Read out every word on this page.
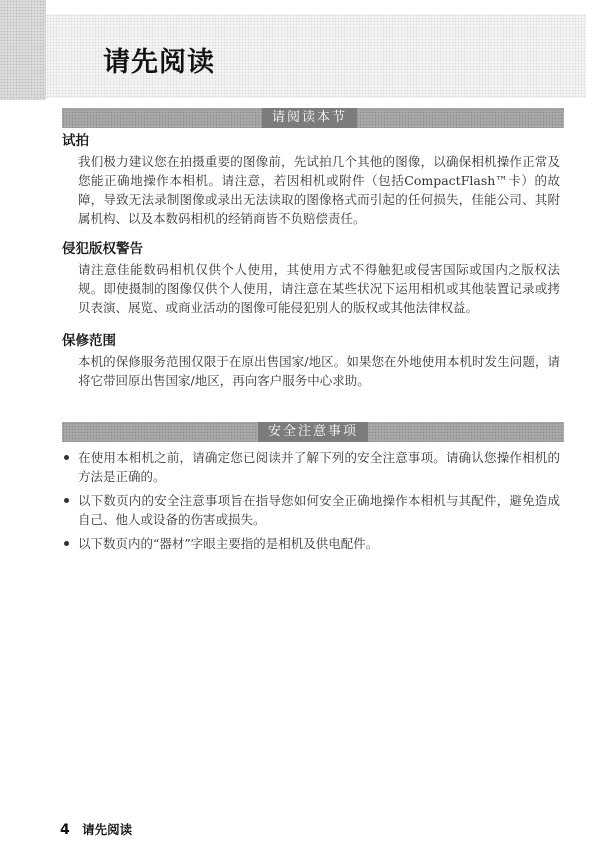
请先阅读
请阅读本节
试拍

我们极力建议您在拍摄重要的图像前，先试拍几个其他的图像，以确保相机操作正常及您能正确地操作本相机。请注意，若因相机或附件（包括CompactFlash™卡）的故障，导致无法录制图像或录出无法读取的图像格式而引起的任何损失，佳能公司、其附属机构、以及本数码相机的经销商皆不负赔偿责任。

侵犯版权警告

请注意佳能数码相机仅供个人使用，其使用方式不得触犯或侵害国际或国内之版权法规。即使摄制的图像仅供个人使用，请注意在某些状况下运用相机或其他装置记录或拷贝表演、展览、或商业活动的图像可能侵犯别人的版权或其他法律权益。

保修范围

本机的保修服务范围仅限于在原出售国家/地区。如果您在外地使用本机时发生问题，请将它带回原出售国家/地区，再向客户服务中心求助。

安全注意事项
在使用本相机之前，请确定您已阅读并了解下列的安全注意事项。请确认您操作相机的方法是正确的。
以下数页内的安全注意事项旨在指导您如何安全正确地操作本相机与其配件，避免造成自己、他人或设备的伤害或损失。
以下数页内的“器材”字眼主要指的是相机及供电配件。
4 请先阅读
